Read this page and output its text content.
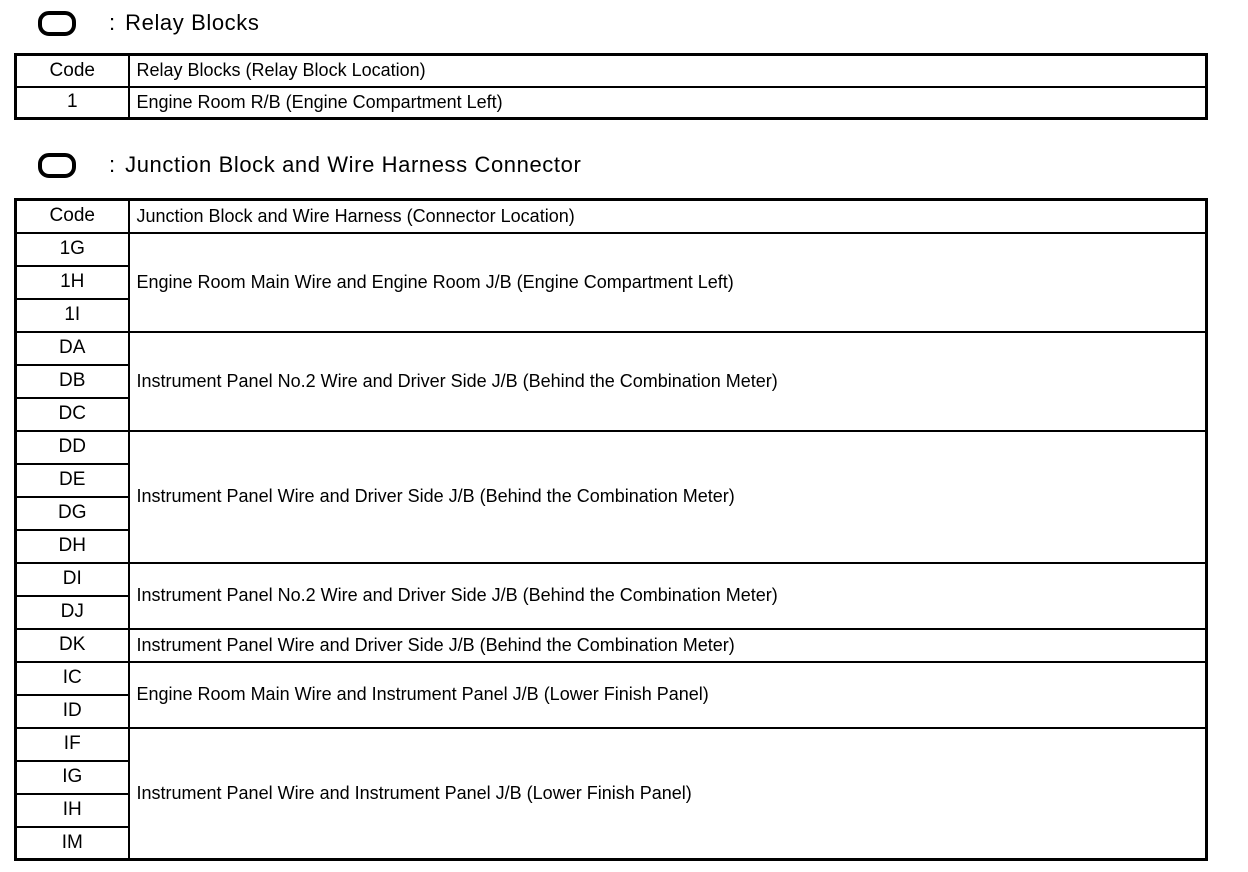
: Relay Blocks
Code	Relay Blocks (Relay Block Location)
1	Engine Room R/B (Engine Compartment Left)
: Junction Block and Wire Harness Connector
Code	Junction Block and Wire Harness (Connector Location)
1G	Engine Room Main Wire and Engine Room J/B (Engine Compartment Left)
1H	
1I	
DA	Instrument Panel No.2 Wire and Driver Side J/B (Behind the Combination Meter)
DB	
DC	
DD	Instrument Panel Wire and Driver Side J/B (Behind the Combination Meter)
DE	
DG	
DH	
DI	Instrument Panel No.2 Wire and Driver Side J/B (Behind the Combination Meter)
DJ	
DK	Instrument Panel Wire and Driver Side J/B (Behind the Combination Meter)
IC	Engine Room Main Wire and Instrument Panel J/B (Lower Finish Panel)
ID	
IF	Instrument Panel Wire and Instrument Panel J/B (Lower Finish Panel)
IG	
IH	
IM	
